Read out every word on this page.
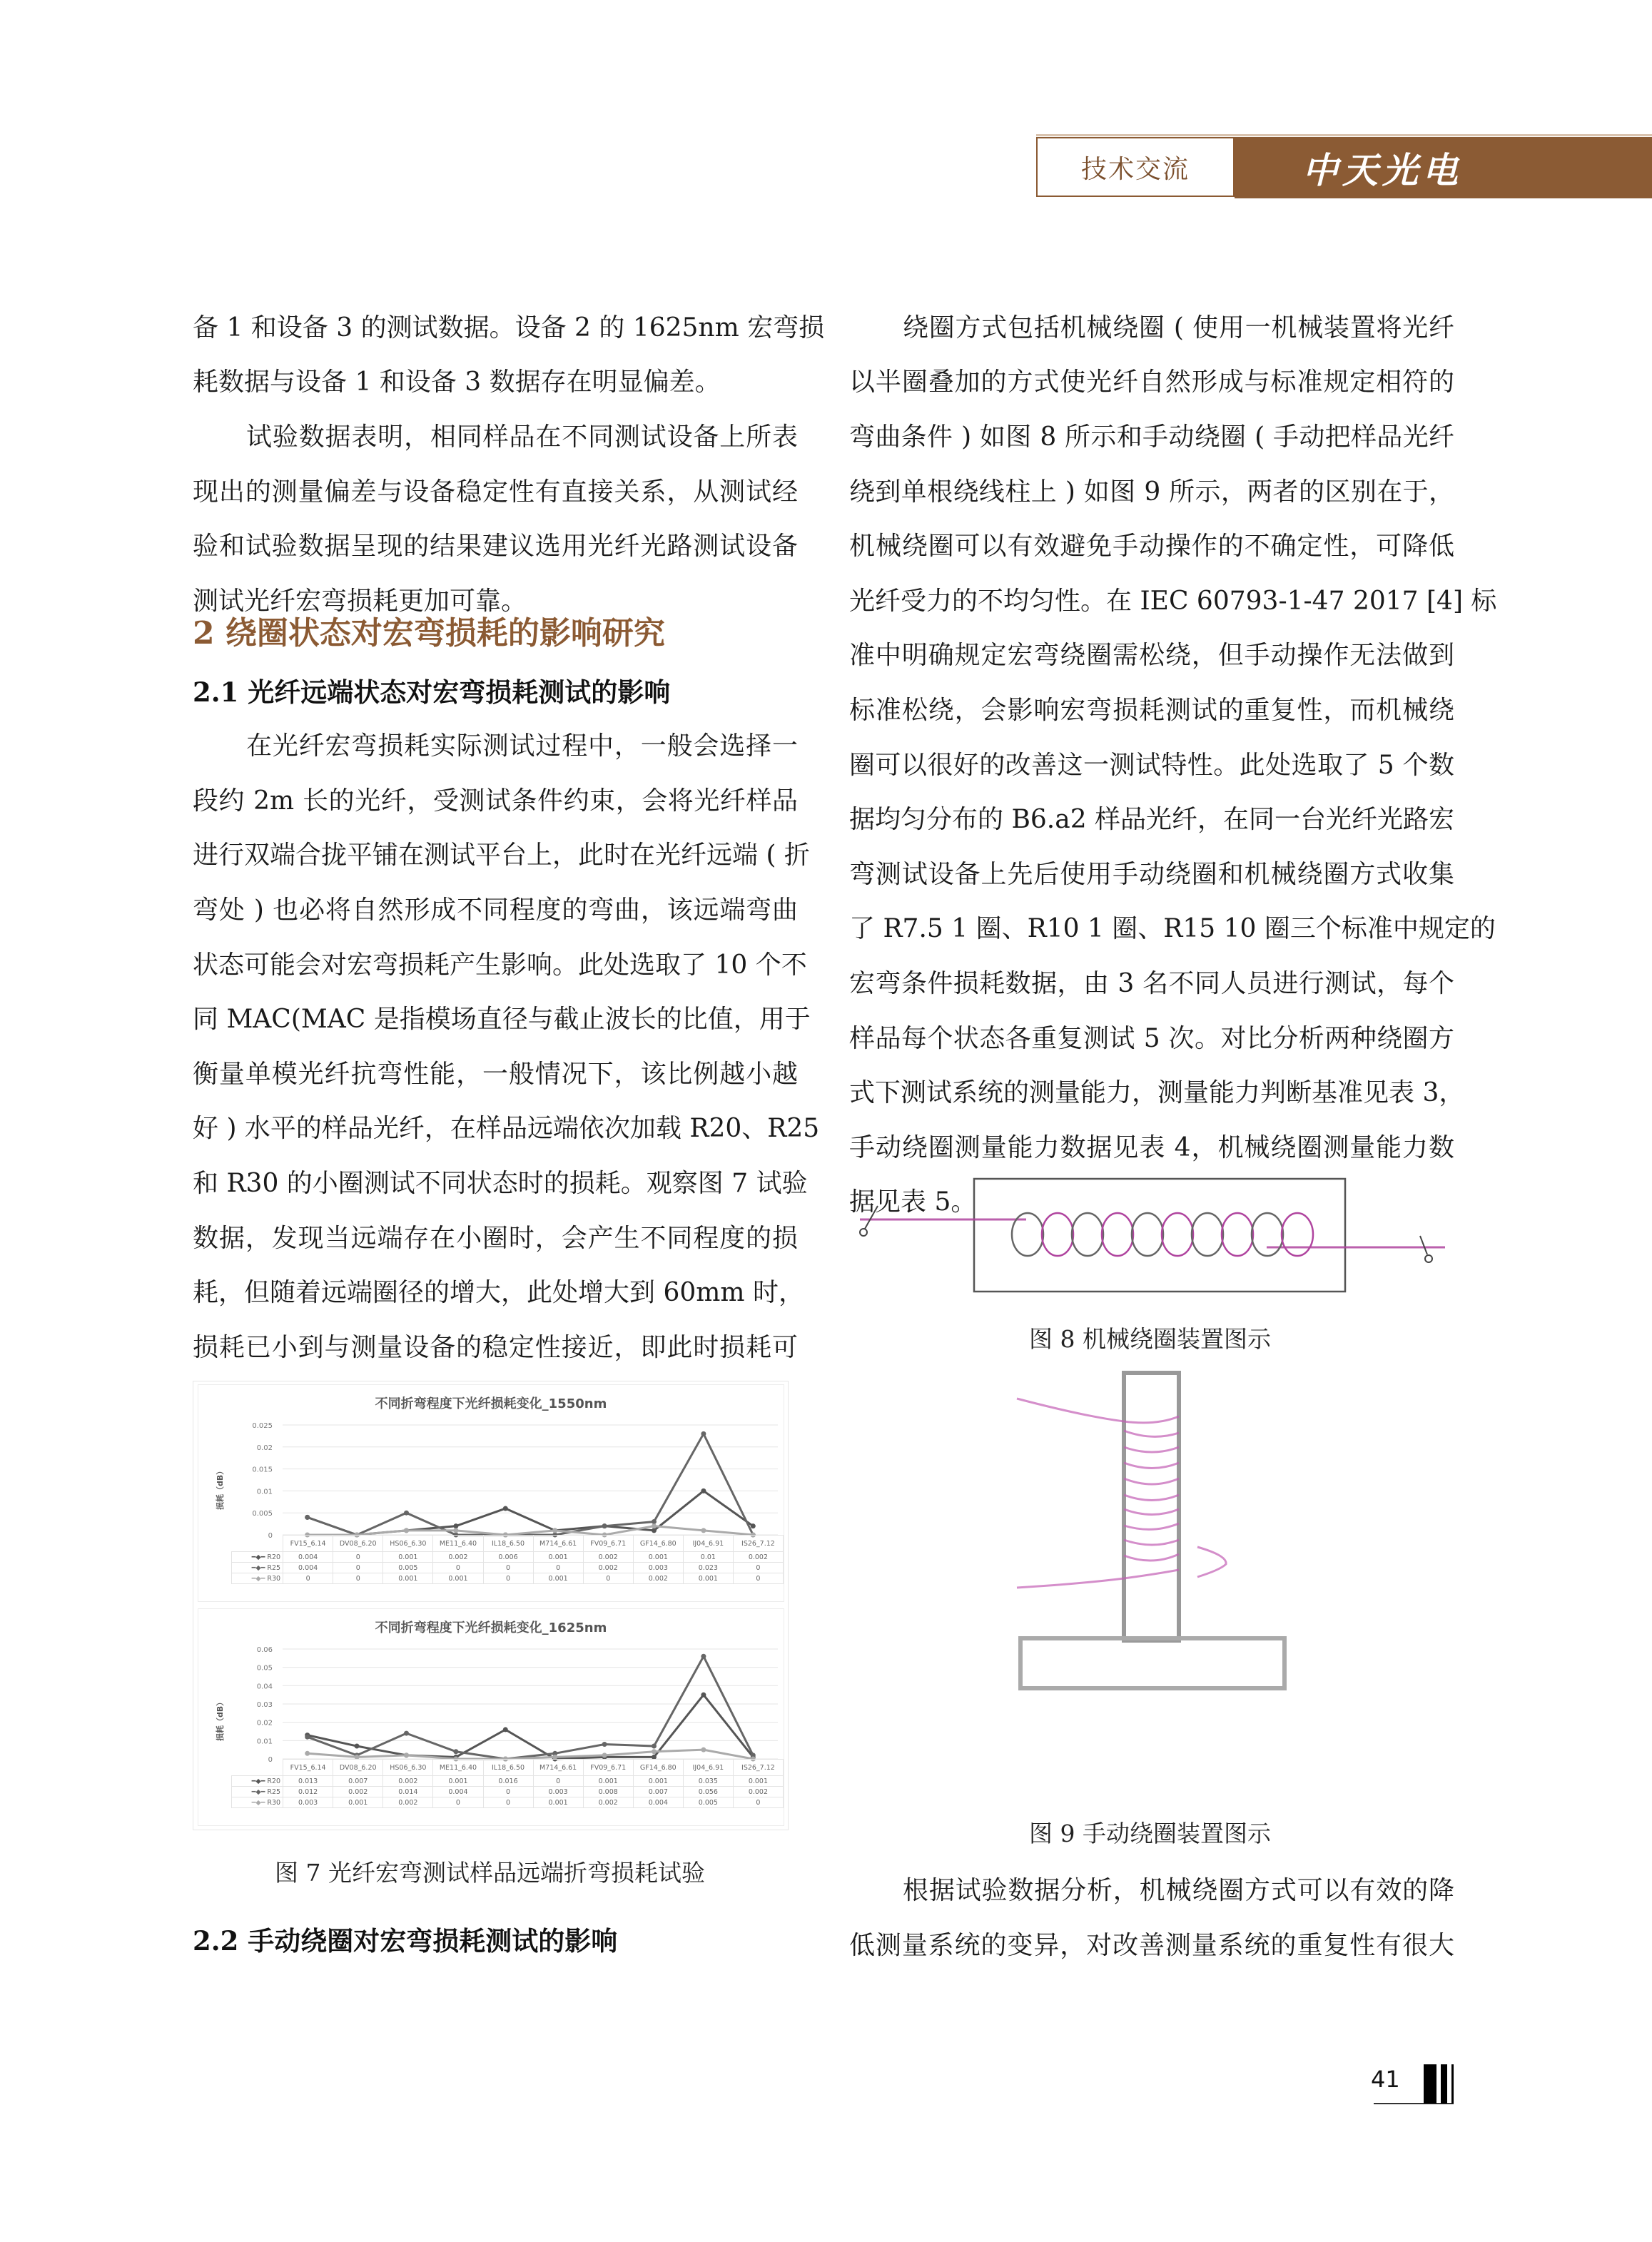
技术交流	中天光电
备 1 和设备 3 的测试数据。设备 2 的 1625nm 宏弯损
耗数据与设备 1 和设备 3 数据存在明显偏差。
试验数据表明，相同样品在不同测试设备上所表
现出的测量偏差与设备稳定性有直接关系，从测试经
验和试验数据呈现的结果建议选用光纤光路测试设备
测试光纤宏弯损耗更加可靠。
2 绕圈状态对宏弯损耗的影响研究
2.1 光纤远端状态对宏弯损耗测试的影响
在光纤宏弯损耗实际测试过程中，一般会选择一
段约 2m 长的光纤，受测试条件约束，会将光纤样品
进行双端合拢平铺在测试平台上，此时在光纤远端 ( 折
弯处 ) 也必将自然形成不同程度的弯曲，该远端弯曲
状态可能会对宏弯损耗产生影响。此处选取了 10 个不
同 MAC(MAC 是指模场直径与截止波长的比值，用于
衡量单模光纤抗弯性能，一般情况下，该比例越小越
好 ) 水平的样品光纤，在样品远端依次加载 R20、R25
和 R30 的小圈测试不同状态时的损耗。观察图 7 试验
数据，发现当远端存在小圈时，会产生不同程度的损
耗，但随着远端圈径的增大，此处增大到 60mm 时，
损耗已小到与测量设备的稳定性接近，即此时损耗可
图 7 光纤宏弯测试样品远端折弯损耗试验
2.2 手动绕圈对宏弯损耗测试的影响
不同折弯程度下光纤损耗变化_1550nm
损耗（dB）
0
0.005
0.01
0.015
0.02
0.025
	FV15_6.14	DV08_6.20	HS06_6.30	ME11_6.40	IL18_6.50	M714_6.61	FV09_6.71	GF14_6.80	IJ04_6.91	IS26_7.12
━◆━ R20	0.004	0	0.001	0.002	0.006	0.001	0.002	0.001	0.01	0.002
━◆━ R25	0.004	0	0.005	0	0	0	0.002	0.003	0.023	0
━◆━ R30	0	0	0.001	0.001	0	0.001	0	0.002	0.001	0
不同折弯程度下光纤损耗变化_1625nm
损耗（dB）
0
0.01
0.02
0.03
0.04
0.05
0.06
	FV15_6.14	DV08_6.20	HS06_6.30	ME11_6.40	IL18_6.50	M714_6.61	FV09_6.71	GF14_6.80	IJ04_6.91	IS26_7.12
━◆━ R20	0.013	0.007	0.002	0.001	0.016	0	0.001	0.001	0.035	0.001
━◆━ R25	0.012	0.002	0.014	0.004	0	0.003	0.008	0.007	0.056	0.002
━◆━ R30	0.003	0.001	0.002	0	0	0.001	0.002	0.004	0.005	0
绕圈方式包括机械绕圈 ( 使用一机械装置将光纤
以半圈叠加的方式使光纤自然形成与标准规定相符的
弯曲条件 ) 如图 8 所示和手动绕圈 ( 手动把样品光纤
绕到单根绕线柱上 ) 如图 9 所示，两者的区别在于，
机械绕圈可以有效避免手动操作的不确定性，可降低
光纤受力的不均匀性。在 IEC 60793-1-47 2017 [4] 标
准中明确规定宏弯绕圈需松绕，但手动操作无法做到
标准松绕，会影响宏弯损耗测试的重复性，而机械绕
圈可以很好的改善这一测试特性。此处选取了 5 个数
据均匀分布的 B6.a2 样品光纤，在同一台光纤光路宏
弯测试设备上先后使用手动绕圈和机械绕圈方式收集
了 R7.5 1 圈、R10 1 圈、R15 10 圈三个标准中规定的
宏弯条件损耗数据，由 3 名不同人员进行测试，每个
样品每个状态各重复测试 5 次。对比分析两种绕圈方
式下测试系统的测量能力，测量能力判断基准见表 3，
手动绕圈测量能力数据见表 4，机械绕圈测量能力数
据见表 5。
图 8 机械绕圈装置图示
图 9 手动绕圈装置图示
根据试验数据分析，机械绕圈方式可以有效的降
低测量系统的变异，对改善测量系统的重复性有很大
41
